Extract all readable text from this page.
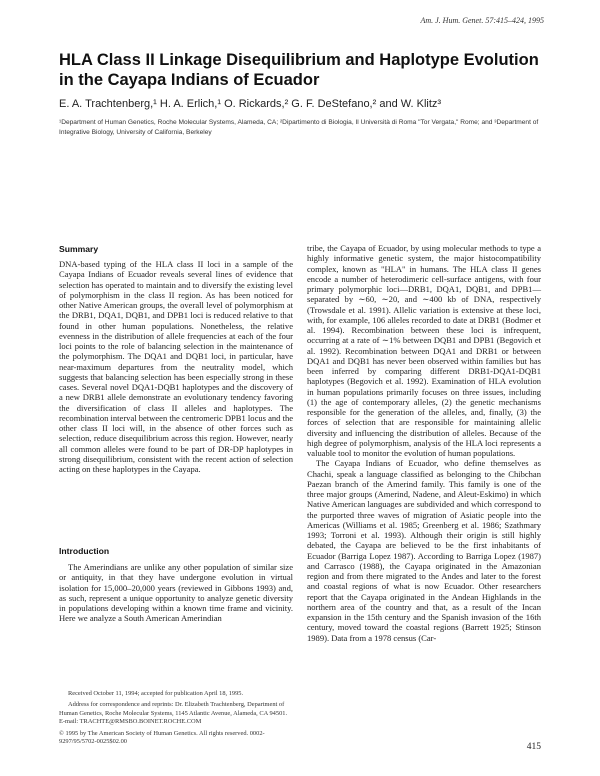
Am. J. Hum. Genet. 57:415–424, 1995
HLA Class II Linkage Disequilibrium and Haplotype Evolution in the Cayapa Indians of Ecuador
E. A. Trachtenberg,¹ H. A. Erlich,¹ O. Rickards,² G. F. DeStefano,² and W. Klitz³
¹Department of Human Genetics, Roche Molecular Systems, Alameda, CA; ²Dipartimento di Biologia, Il Università di Roma "Tor Vergata," Rome; and ³Department of Integrative Biology, University of California, Berkeley
Summary

DNA-based typing of the HLA class II loci in a sample of the Cayapa Indians of Ecuador reveals several lines of evidence that selection has operated to maintain and to diversify the existing level of polymorphism in the class II region. As has been noticed for other Native American groups, the overall level of polymorphism at the DRB1, DQA1, DQB1, and DPB1 loci is reduced relative to that found in other human populations. Nonetheless, the relative evenness in the distribution of allele frequencies at each of the four loci points to the role of balancing selection in the maintenance of the polymorphism. The DQA1 and DQB1 loci, in particular, have near-maximum departures from the neutrality model, which suggests that balancing selection has been especially strong in these cases. Several novel DQA1-DQB1 haplotypes and the discovery of a new DRB1 allele demonstrate an evolutionary tendency favoring the diversification of class II alleles and haplotypes. The recombination interval between the centromeric DPB1 locus and the other class II loci will, in the absence of other forces such as selection, reduce disequilibrium across this region. However, nearly all common alleles were found to be part of DR-DP haplotypes in strong disequilibrium, consistent with the recent action of selection acting on these haplotypes in the Cayapa.

Introduction

The Amerindians are unlike any other population of similar size or antiquity, in that they have undergone evolution in virtual isolation for 15,000–20,000 years (reviewed in Gibbons 1993) and, as such, represent a unique opportunity to analyze genetic diversity in populations developing within a known time frame and vicinity. Here we analyze a South American Amerindian

Received October 11, 1994; accepted for publication April 18, 1995.

Address for correspondence and reprints: Dr. Elizabeth Trachtenberg, Department of Human Genetics, Roche Molecular Systems, 1145 Atlantic Avenue, Alameda, CA 94501. E-mail: TRACHTE@RMSBO.BOINET.ROCHE.COM

© 1995 by The American Society of Human Genetics. All rights reserved. 0002-9297/95/5702-0025$02.00

tribe, the Cayapa of Ecuador, by using molecular methods to type a highly informative genetic system, the major histocompatibility complex, known as "HLA" in humans. The HLA class II genes encode a number of heterodimeric cell-surface antigens, with four primary polymorphic loci—DRB1, DQA1, DQB1, and DPB1—separated by ∼60, ∼20, and ∼400 kb of DNA, respectively (Trowsdale et al. 1991). Allelic variation is extensive at these loci, with, for example, 106 alleles recorded to date at DRB1 (Bodmer et al. 1994). Recombination between these loci is infrequent, occurring at a rate of ∼1% between DQB1 and DPB1 (Begovich et al. 1992). Recombination between DQA1 and DRB1 or between DQA1 and DQB1 has never been observed within families but has been inferred by comparing different DRB1-DQA1-DQB1 haplotypes (Begovich et al. 1992). Examination of HLA evolution in human populations primarily focuses on three issues, including (1) the age of contemporary alleles, (2) the genetic mechanisms responsible for the generation of the alleles, and, finally, (3) the forces of selection that are responsible for maintaining allelic diversity and influencing the distribution of alleles. Because of the high degree of polymorphism, analysis of the HLA loci represents a valuable tool to monitor the evolution of human populations.

The Cayapa Indians of Ecuador, who define themselves as Chachi, speak a language classified as belonging to the Chibchan Paezan branch of the Amerind family. This family is one of the three major groups (Amerind, Nadene, and Aleut-Eskimo) in which Native American languages are subdivided and which correspond to the purported three waves of migration of Asiatic people into the Americas (Williams et al. 1985; Greenberg et al. 1986; Szathmary 1993; Torroni et al. 1993). Although their origin is still highly debated, the Cayapa are believed to be the first inhabitants of Ecuador (Barriga Lopez 1987). According to Barriga Lopez (1987) and Carrasco (1988), the Cayapa originated in the Amazonian region and from there migrated to the Andes and later to the forest and coastal regions of what is now Ecuador. Other researchers report that the Cayapa originated in the Andean Highlands in the northern area of the country and that, as a result of the Incan expansion in the 15th century and the Spanish invasion of the 16th century, moved toward the coastal regions (Barrett 1925; Stinson 1989). Data from a 1978 census (Car-

415
